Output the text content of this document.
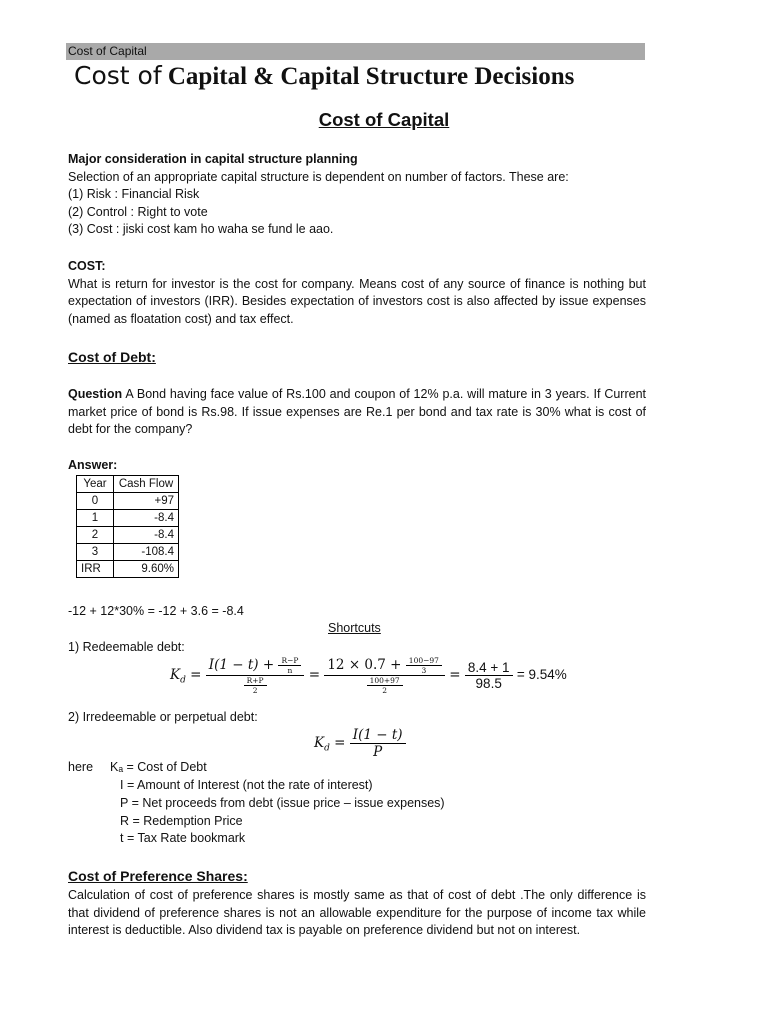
Cost of Capital
Cost of Capital & Capital Structure Decisions
Cost of Capital

Major consideration in capital structure planning

Selection of an appropriate capital structure is dependent on number of factors. These are:

(1) Risk : Financial Risk

(2) Control : Right to vote

(3) Cost : jiski cost kam ho waha se fund le aao.

COST:

What is return for investor is the cost for company. Means cost of any source of finance is nothing but expectation of investors (IRR). Besides expectation of investors cost is also affected by issue expenses (named as floatation cost) and tax effect.

Cost of Debt:

Question A Bond having face value of Rs.100 and coupon of 12% p.a. will mature in 3 years. If Current market price of bond is Rs.98. If issue expenses are Re.1 per bond and tax rate is 30% what is cost of debt for the company?

Answer:
Year	Cash Flow
0	+97
1	-8.4
2	-8.4
3	-108.4
IRR	9.60%
-12 + 12*30% = -12 + 3.6 = -8.4
Shortcuts
1) Redeemable debt:
$K_d = \frac{I(1 - t) + \frac{R-P}{n}}{\frac{R+P}{2}} = \frac{12 \times 0.7 + \frac{100-97}{3}}{\frac{100+97}{2}} = \frac{8.4 + 1}{98.5} = 9.54\%$
2) Irredeemable or perpetual debt:
$K_d = \frac{I(1 - t)}{P}$
here Kₐ = Cost of Debt
I = Amount of Interest (not the rate of interest)
P = Net proceeds from debt (issue price – issue expenses)
R = Redemption Price
t = Tax Rate bookmark
Cost of Preference Shares:

Calculation of cost of preference shares is mostly same as that of cost of debt .The only difference is that dividend of preference shares is not an allowable expenditure for the purpose of income tax while interest is deductible. Also dividend tax is payable on preference dividend but not on interest.
